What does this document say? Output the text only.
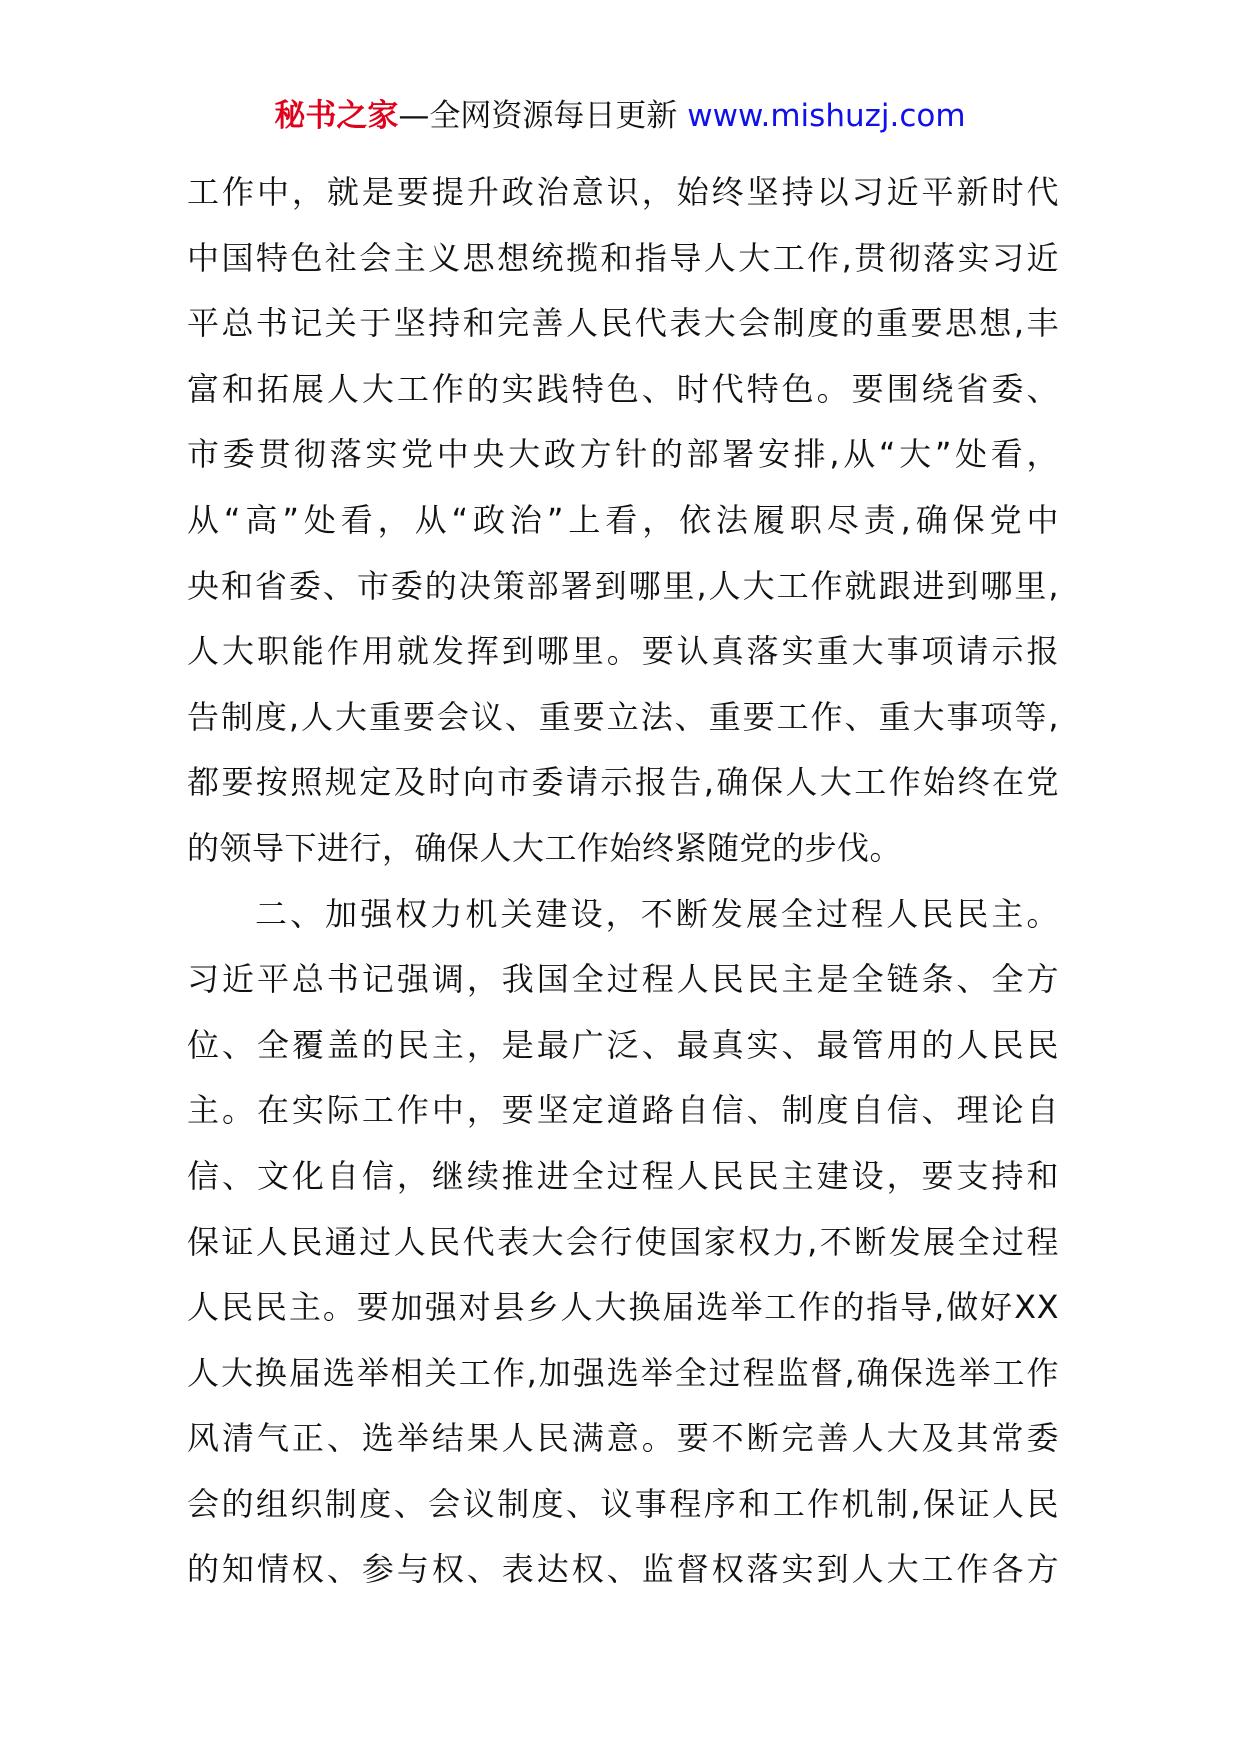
秘书之家—全网资源每日更新 www.mishuzj.com
工作中，就是要提升政治意识，始终坚持以习近平新时代
中国特色社会主义思想统揽和指导人大工作,贯彻落实习近
平总书记关于坚持和完善人民代表大会制度的重要思想,丰
富和拓展人大工作的实践特色、时代特色。要围绕省委、
市委贯彻落实党中央大政方针的部署安排,从“大”处看，
从“高”处看，从“政治”上看，依法履职尽责,确保党中
央和省委、市委的决策部署到哪里,人大工作就跟进到哪里,
人大职能作用就发挥到哪里。要认真落实重大事项请示报
告制度,人大重要会议、重要立法、重要工作、重大事项等,
都要按照规定及时向市委请示报告,确保人大工作始终在党
的领导下进行，确保人大工作始终紧随党的步伐。
二、加强权力机关建设，不断发展全过程人民民主。
习近平总书记强调，我国全过程人民民主是全链条、全方
位、全覆盖的民主，是最广泛、最真实、最管用的人民民
主。在实际工作中，要坚定道路自信、制度自信、理论自
信、文化自信，继续推进全过程人民民主建设，要支持和
保证人民通过人民代表大会行使国家权力,不断发展全过程
人民民主。要加强对县乡人大换届选举工作的指导,做好XX
人大换届选举相关工作,加强选举全过程监督,确保选举工作
风清气正、选举结果人民满意。要不断完善人大及其常委
会的组织制度、会议制度、议事程序和工作机制,保证人民
的知情权、参与权、表达权、监督权落实到人大工作各方
